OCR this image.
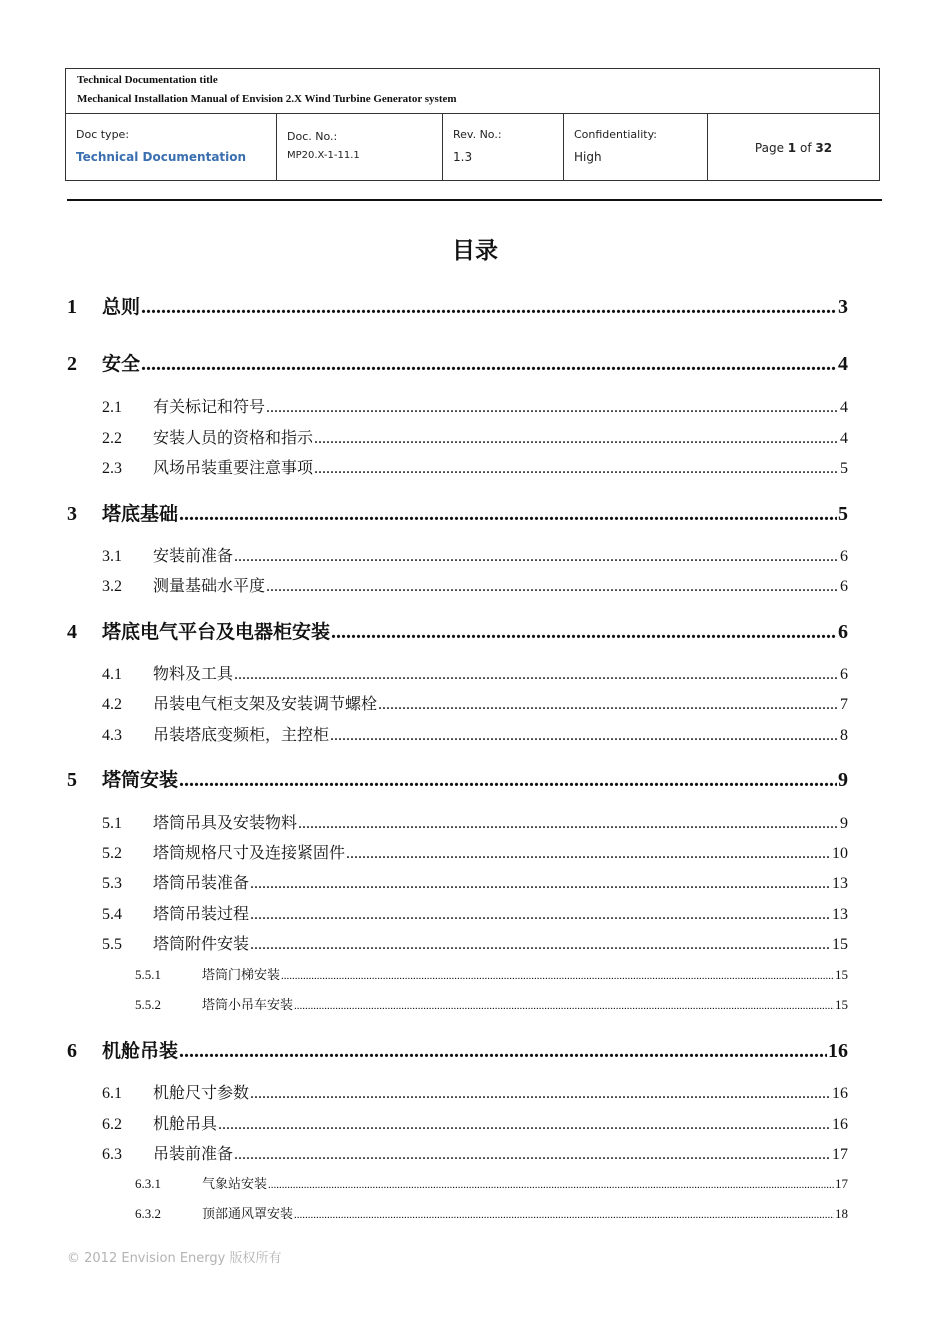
Technical Documentation title
Mechanical Installation Manual of Envision 2.X Wind Turbine Generator system
Doc type:
Technical Documentation
Doc. No.:
MP20.X-1-11.1
Rev. No.:
1.3
Confidentiality:
High
Page 1 of 32
目录
1	总则 .....	3
2	安全 .....	4
2.1	有关标记和符号 .....	4
2.2	安装人员的资格和指示 .....	4
2.3	风场吊装重要注意事项 .....	5
3	塔底基础 .....	5
3.1	安装前准备 .....	6
3.2	测量基础水平度 .....	6
4	塔底电气平台及电器柜安装 .....	6
4.1	物料及工具 .....	6
4.2	吊装电气柜支架及安装调节螺栓 .....	7
4.3	吊装塔底变频柜，主控柜 .....	8
5	塔筒安装 .....	9
5.1	塔筒吊具及安装物料 .....	9
5.2	塔筒规格尺寸及连接紧固件 .....	10
5.3	塔筒吊装准备 .....	13
5.4	塔筒吊装过程 .....	13
5.5	塔筒附件安装 .....	15
5.5.1	塔筒门梯安装 .....	15
5.5.2	塔筒小吊车安装 .....	15
6	机舱吊装 .....	16
6.1	机舱尺寸参数 .....	16
6.2	机舱吊具 .....	16
6.3	吊装前准备 .....	17
6.3.1	气象站安装 .....	17
6.3.2	顶部通风罩安装 .....	18
© 2012 Envision Energy 版权所有
